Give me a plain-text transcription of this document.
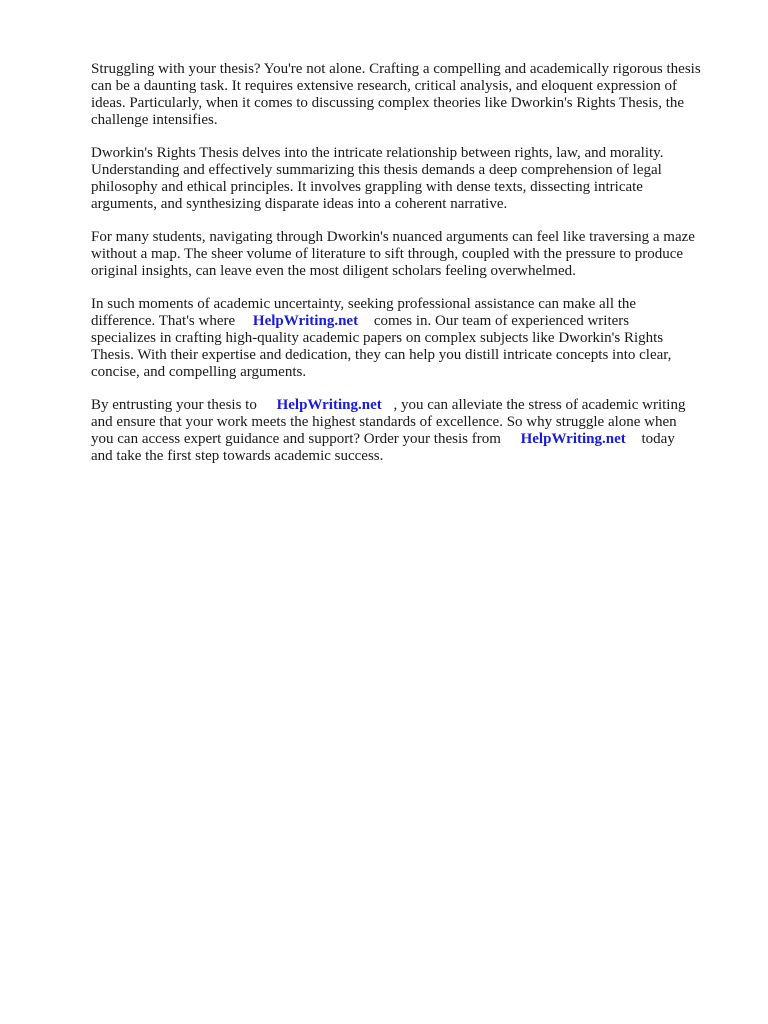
Struggling with your thesis? You're not alone. Crafting a compelling and academically rigorous thesis
can be a daunting task. It requires extensive research, critical analysis, and eloquent expression of
ideas. Particularly, when it comes to discussing complex theories like Dworkin's Rights Thesis, the
challenge intensifies.
Dworkin's Rights Thesis delves into the intricate relationship between rights, law, and morality.
Understanding and effectively summarizing this thesis demands a deep comprehension of legal
philosophy and ethical principles. It involves grappling with dense texts, dissecting intricate
arguments, and synthesizing disparate ideas into a coherent narrative.
For many students, navigating through Dworkin's nuanced arguments can feel like traversing a maze
without a map. The sheer volume of literature to sift through, coupled with the pressure to produce
original insights, can leave even the most diligent scholars feeling overwhelmed.
In such moments of academic uncertainty, seeking professional assistance can make all the
difference. That's where HelpWriting.net comes in. Our team of experienced writers
specializes in crafting high-quality academic papers on complex subjects like Dworkin's Rights
Thesis. With their expertise and dedication, they can help you distill intricate concepts into clear,
concise, and compelling arguments.
By entrusting your thesis to HelpWriting.net , you can alleviate the stress of academic writing
and ensure that your work meets the highest standards of excellence. So why struggle alone when
you can access expert guidance and support? Order your thesis from HelpWriting.net today
and take the first step towards academic success.
